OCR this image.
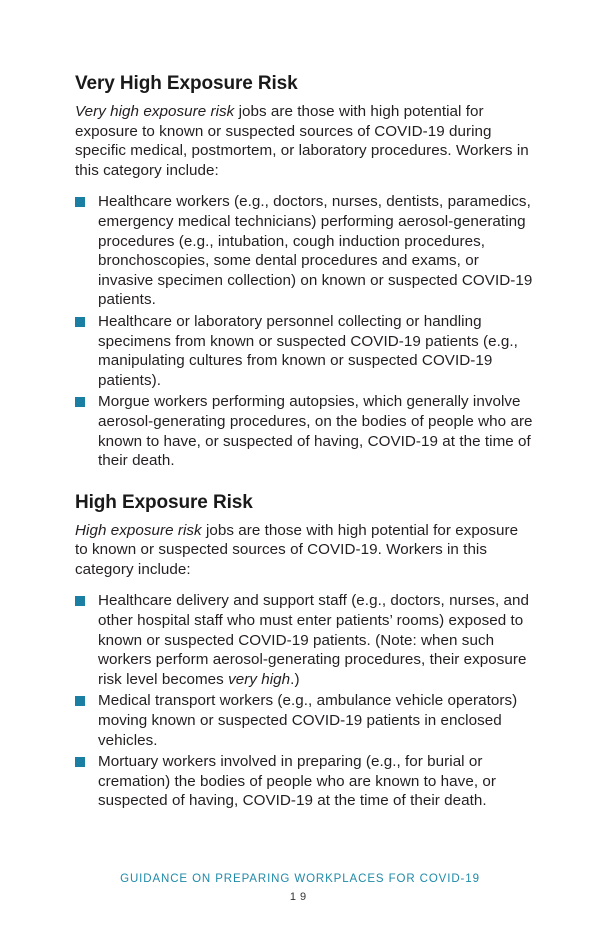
Very High Exposure Risk

Very high exposure risk jobs are those with high potential for exposure to known or suspected sources of COVID-19 during specific medical, postmortem, or laboratory procedures. Workers in this category include:

Healthcare workers (e.g., doctors, nurses, dentists, paramedics, emergency medical technicians) performing aerosol-generating procedures (e.g., intubation, cough induction procedures, bronchoscopies, some dental procedures and exams, or invasive specimen collection) on known or suspected COVID-19 patients.
Healthcare or laboratory personnel collecting or handling specimens from known or suspected COVID-19 patients (e.g., manipulating cultures from known or suspected COVID-19 patients).
Morgue workers performing autopsies, which generally involve aerosol-generating procedures, on the bodies of people who are known to have, or suspected of having, COVID-19 at the time of their death.
High Exposure Risk

High exposure risk jobs are those with high potential for exposure to known or suspected sources of COVID-19. Workers in this category include:

Healthcare delivery and support staff (e.g., doctors, nurses, and other hospital staff who must enter patients’ rooms) exposed to known or suspected COVID-19 patients. (Note: when such workers perform aerosol-generating procedures, their exposure risk level becomes very high.)
Medical transport workers (e.g., ambulance vehicle operators) moving known or suspected COVID-19 patients in enclosed vehicles.
Mortuary workers involved in preparing (e.g., for burial or cremation) the bodies of people who are known to have, or suspected of having, COVID-19 at the time of their death.
GUIDANCE ON PREPARING WORKPLACES FOR COVID-19
19
